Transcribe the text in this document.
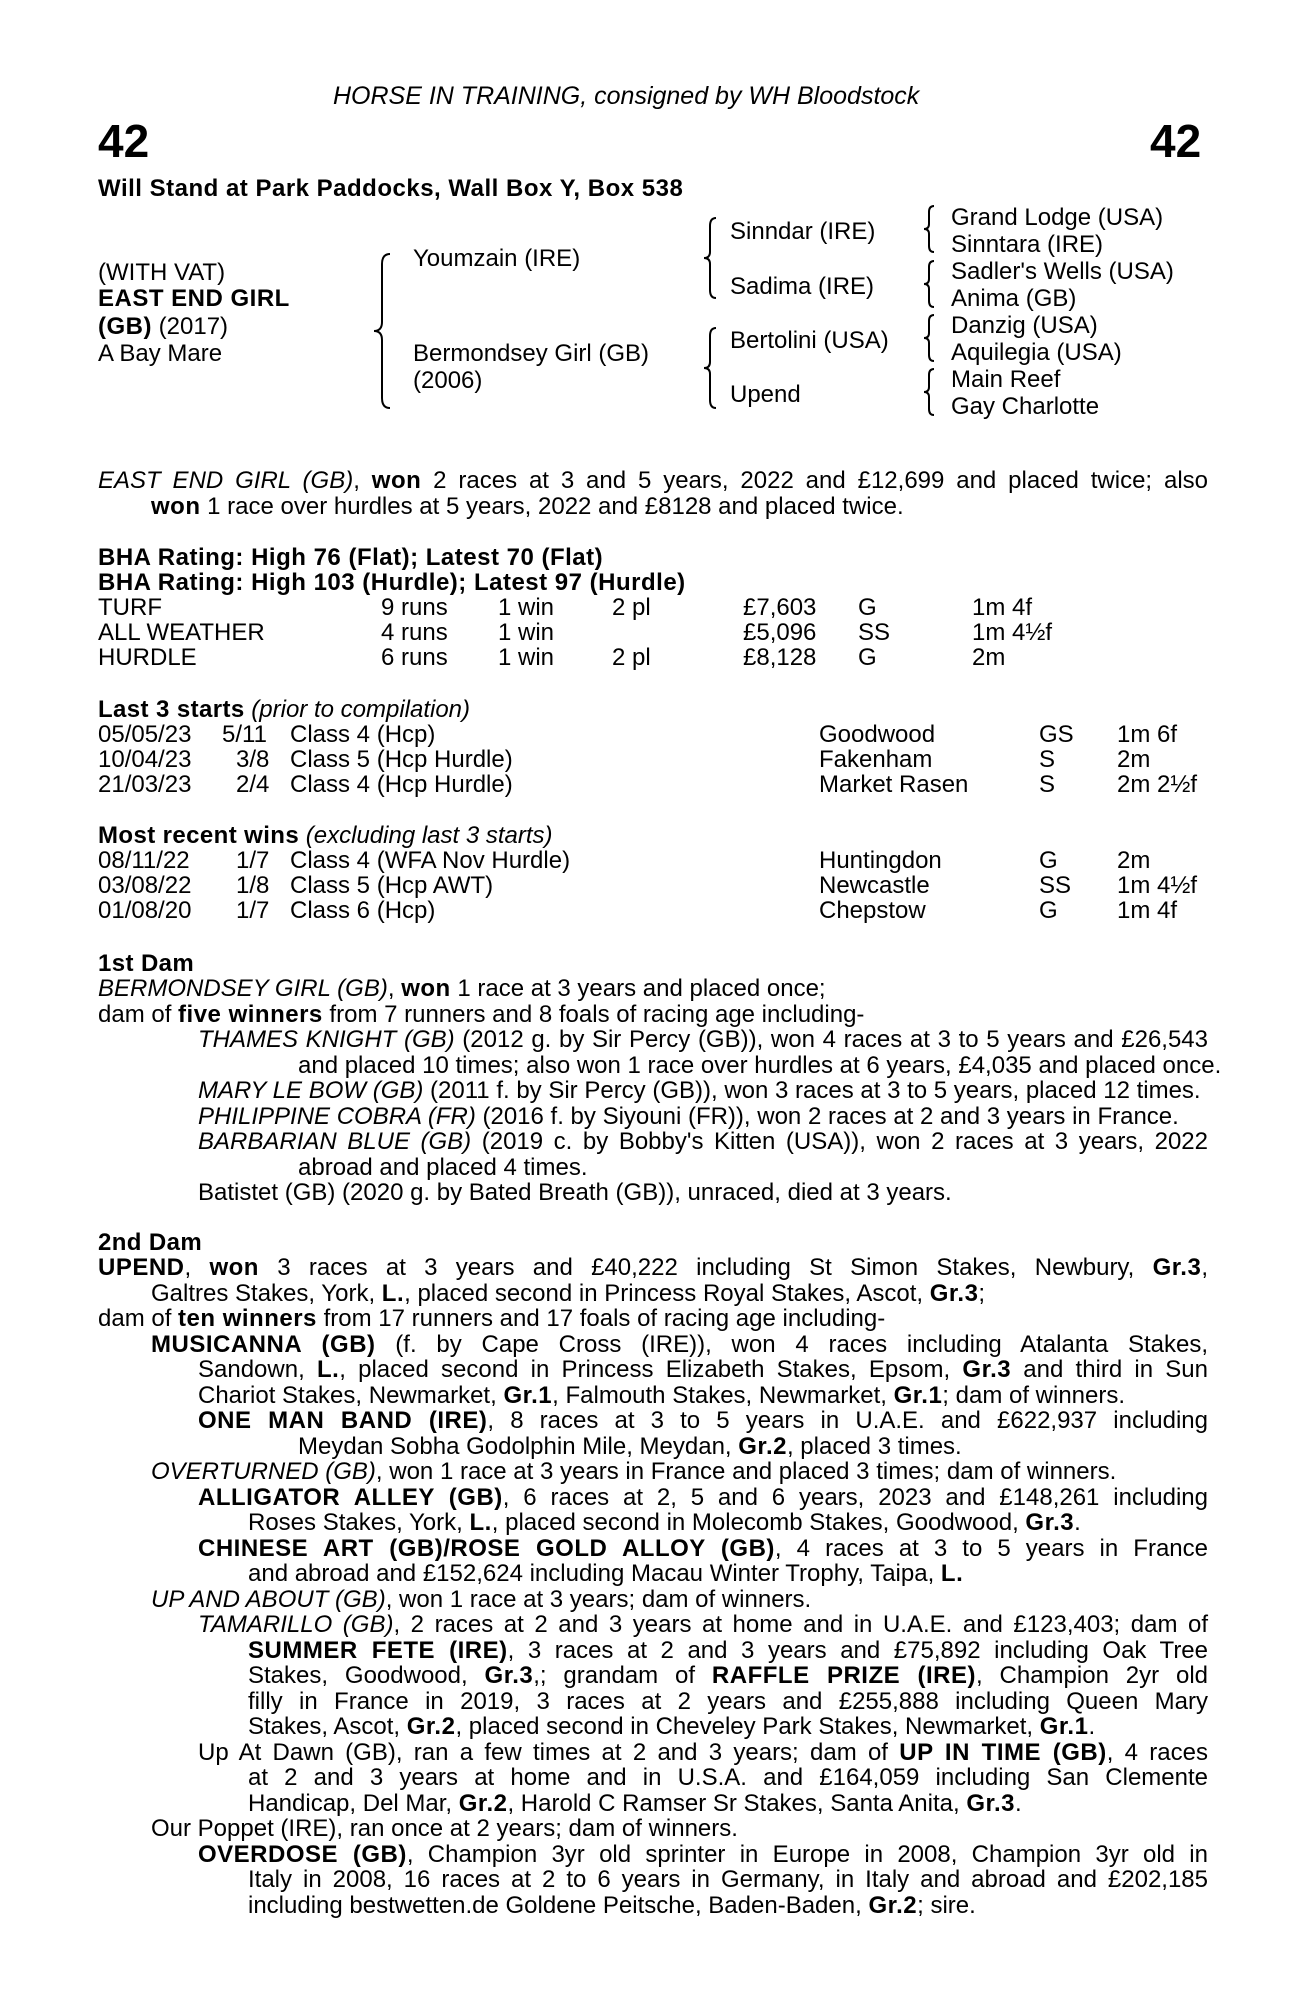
HORSE IN TRAINING, consigned by WH Bloodstock
42	42
Will Stand at Park Paddocks, Wall Box Y, Box 538
(WITH VAT)
EAST END GIRL
(GB) (2017)
A Bay Mare
Youmzain (IRE)
Bermondsey Girl (GB)
(2006)
Sinndar (IRE)
Sadima (IRE)
Bertolini (USA)
Upend
Grand Lodge (USA)
Sinntara (IRE)
Sadler's Wells (USA)
Anima (GB)
Danzig (USA)
Aquilegia (USA)
Main Reef
Gay Charlotte
EAST END GIRL (GB), won 2 races at 3 and 5 years, 2022 and £12,699 and placed twice; also
won 1 race over hurdles at 5 years, 2022 and £8128 and placed twice.
BHA Rating: High 76 (Flat); Latest 70 (Flat)
BHA Rating: High 103 (Hurdle); Latest 97 (Hurdle)
TURF	9 runs 1 win 2 pl	£7,603 G	1m 4f
ALL WEATHER	4 runs 1 win	£5,096 SS	1m 4½f
HURDLE	6 runs 1 win 2 pl	£8,128 G	2m
Last 3 starts (prior to compilation)
05/05/23 5/11 Class 4 (Hcp)	Goodwood	GS 1m 6f
10/04/23 3/8 Class 5 (Hcp Hurdle)	Fakenham	S	2m
21/03/23 2/4 Class 4 (Hcp Hurdle)	Market Rasen	S	2m 2½f
Most recent wins (excluding last 3 starts)
08/11/22 1/7 Class 4 (WFA Nov Hurdle)	Huntingdon	G 2m
03/08/22 1/8 Class 5 (Hcp AWT)	Newcastle	SS 1m 4½f
01/08/20 1/7 Class 6 (Hcp)	Chepstow	G 1m 4f
1st Dam
BERMONDSEY GIRL (GB), won 1 race at 3 years and placed once;
dam of five winners from 7 runners and 8 foals of racing age including-
THAMES KNIGHT (GB) (2012 g. by Sir Percy (GB)), won 4 races at 3 to 5 years and £26,543
and placed 10 times; also won 1 race over hurdles at 6 years, £4,035 and placed once.
MARY LE BOW (GB) (2011 f. by Sir Percy (GB)), won 3 races at 3 to 5 years, placed 12 times.
PHILIPPINE COBRA (FR) (2016 f. by Siyouni (FR)), won 2 races at 2 and 3 years in France.
BARBARIAN BLUE (GB) (2019 c. by Bobby's Kitten (USA)), won 2 races at 3 years, 2022
abroad and placed 4 times.
Batistet (GB) (2020 g. by Bated Breath (GB)), unraced, died at 3 years.
2nd Dam
UPEND, won 3 races at 3 years and £40,222 including St Simon Stakes, Newbury, Gr.3,
Galtres Stakes, York, L., placed second in Princess Royal Stakes, Ascot, Gr.3;
dam of ten winners from 17 runners and 17 foals of racing age including-
MUSICANNA (GB) (f. by Cape Cross (IRE)), won 4 races including Atalanta Stakes,
Sandown, L., placed second in Princess Elizabeth Stakes, Epsom, Gr.3 and third in Sun
Chariot Stakes, Newmarket, Gr.1, Falmouth Stakes, Newmarket, Gr.1; dam of winners.
ONE MAN BAND (IRE), 8 races at 3 to 5 years in U.A.E. and £622,937 including
Meydan Sobha Godolphin Mile, Meydan, Gr.2, placed 3 times.
OVERTURNED (GB), won 1 race at 3 years in France and placed 3 times; dam of winners.
ALLIGATOR ALLEY (GB), 6 races at 2, 5 and 6 years, 2023 and £148,261 including
Roses Stakes, York, L., placed second in Molecomb Stakes, Goodwood, Gr.3.
CHINESE ART (GB)/ROSE GOLD ALLOY (GB), 4 races at 3 to 5 years in France
and abroad and £152,624 including Macau Winter Trophy, Taipa, L.
UP AND ABOUT (GB), won 1 race at 3 years; dam of winners.
TAMARILLO (GB), 2 races at 2 and 3 years at home and in U.A.E. and £123,403; dam of
SUMMER FETE (IRE), 3 races at 2 and 3 years and £75,892 including Oak Tree
Stakes, Goodwood, Gr.3,; grandam of RAFFLE PRIZE (IRE), Champion 2yr old
filly in France in 2019, 3 races at 2 years and £255,888 including Queen Mary
Stakes, Ascot, Gr.2, placed second in Cheveley Park Stakes, Newmarket, Gr.1.
Up At Dawn (GB), ran a few times at 2 and 3 years; dam of UP IN TIME (GB), 4 races
at 2 and 3 years at home and in U.S.A. and £164,059 including San Clemente
Handicap, Del Mar, Gr.2, Harold C Ramser Sr Stakes, Santa Anita, Gr.3.
Our Poppet (IRE), ran once at 2 years; dam of winners.
OVERDOSE (GB), Champion 3yr old sprinter in Europe in 2008, Champion 3yr old in
Italy in 2008, 16 races at 2 to 6 years in Germany, in Italy and abroad and £202,185
including bestwetten.de Goldene Peitsche, Baden-Baden, Gr.2; sire.
